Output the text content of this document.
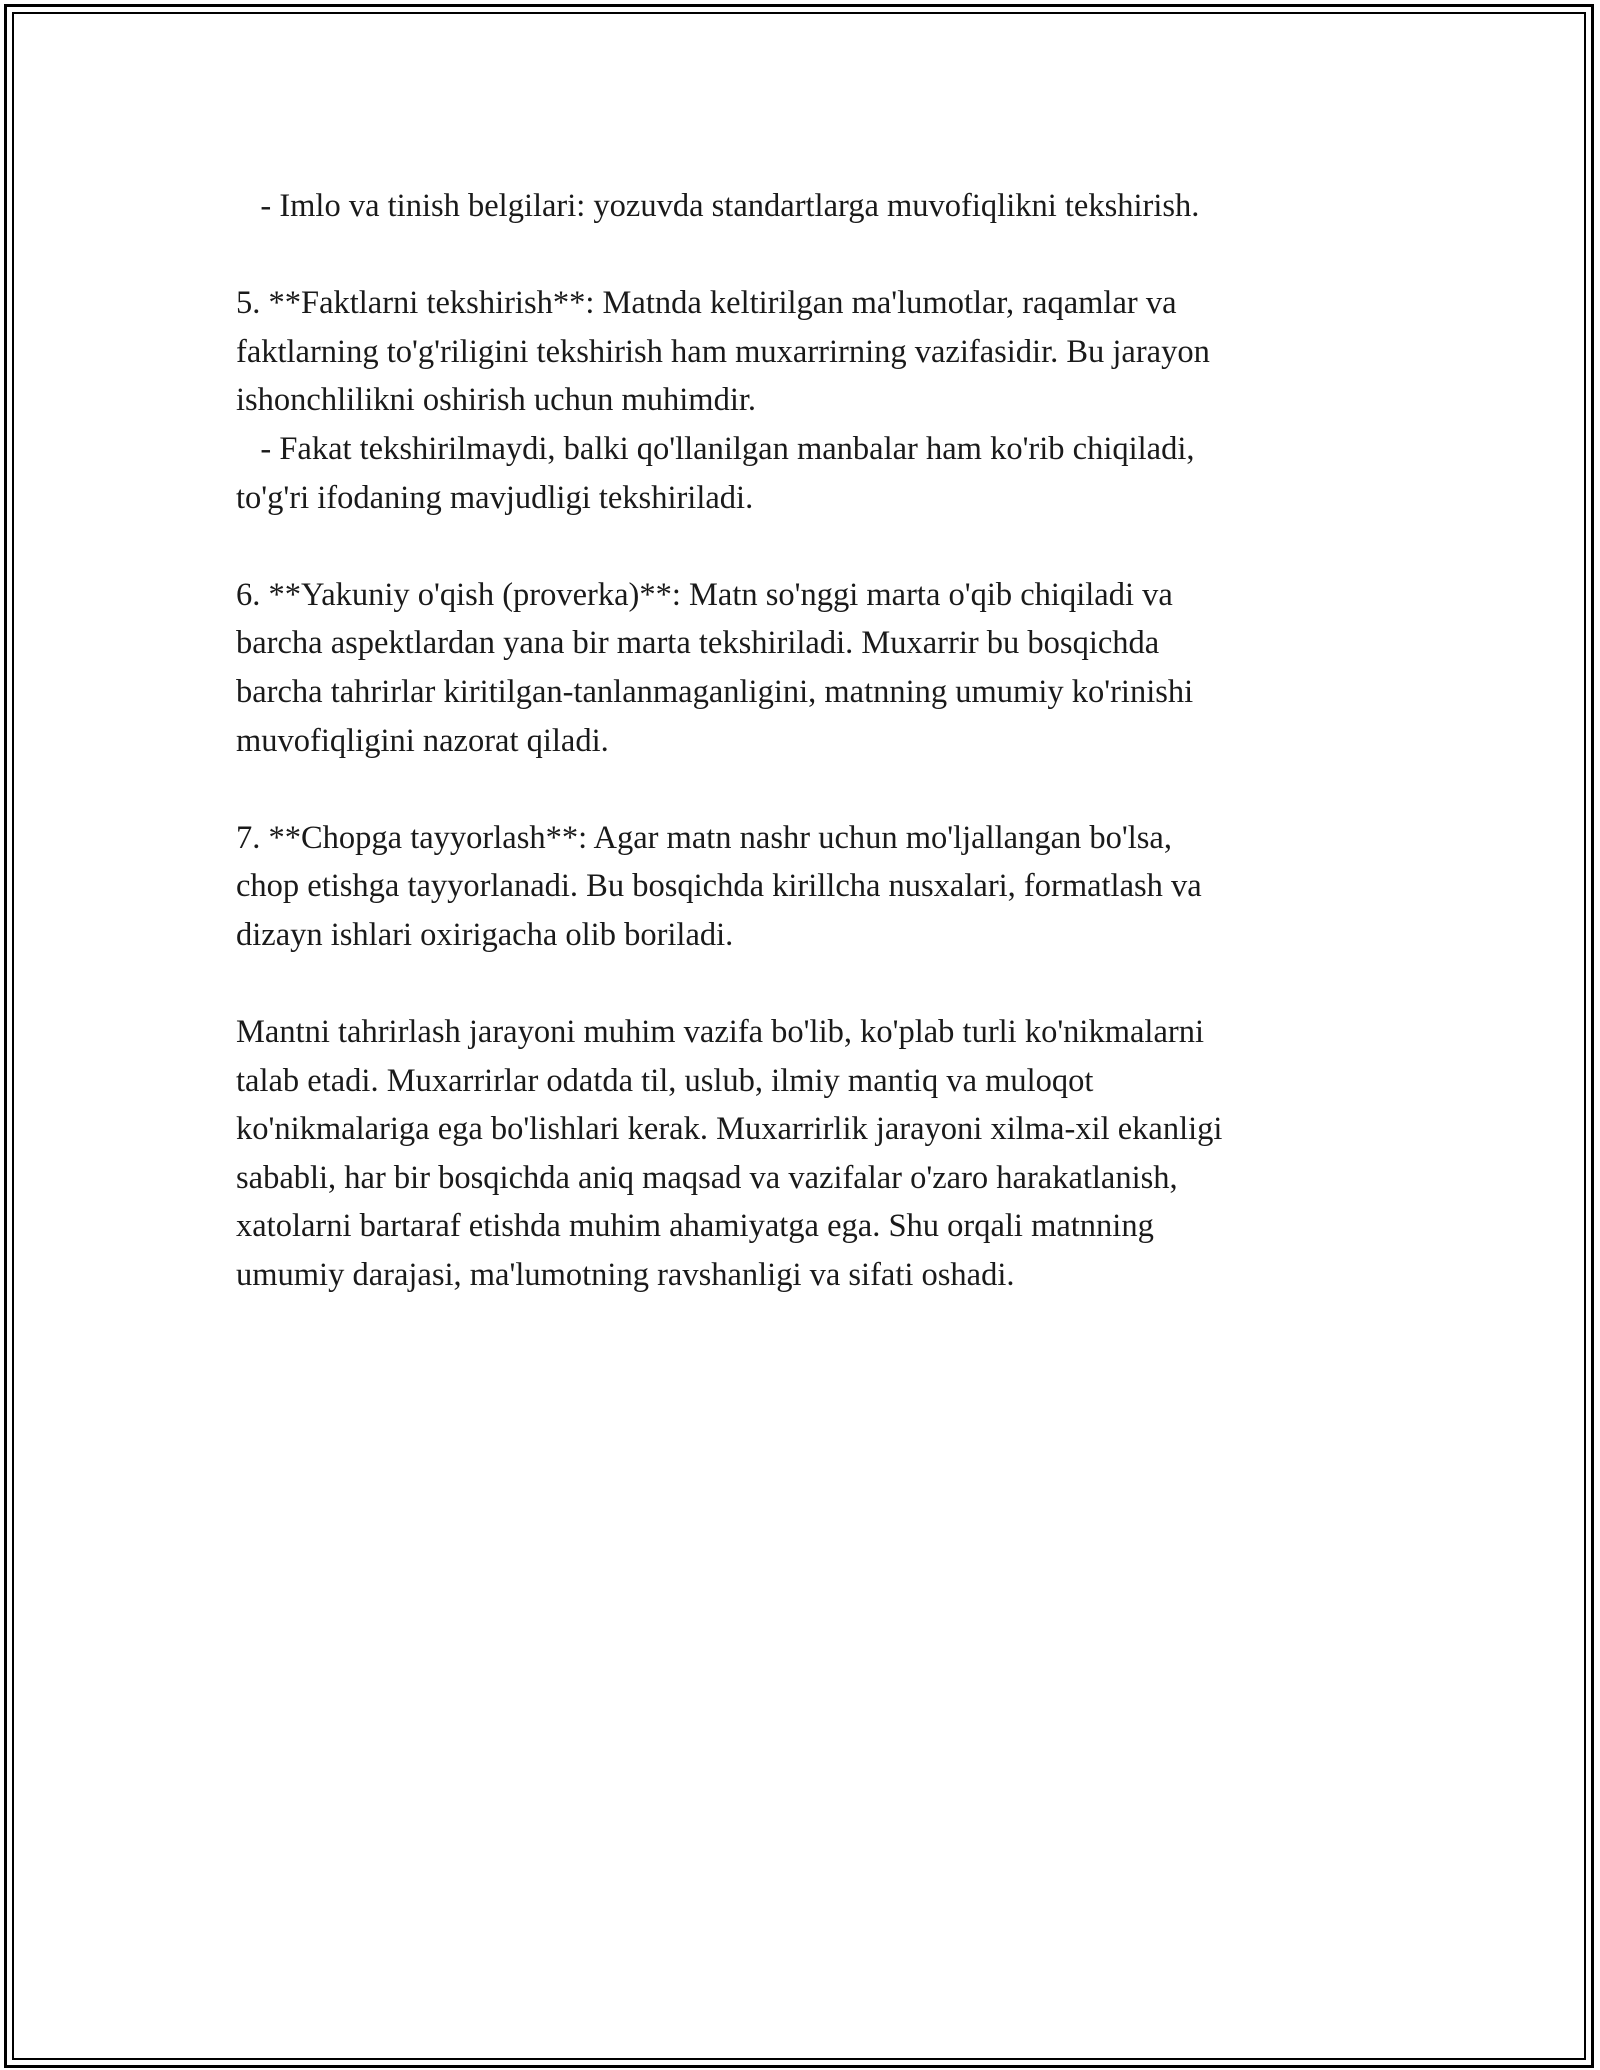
- Imlo va tinish belgilari: yozuvda standartlarga muvofiqlikni tekshirish.
5. **Faktlarni tekshirish**: Matnda keltirilgan ma'lumotlar, raqamlar va
faktlarning to'g'riligini tekshirish ham muxarrirning vazifasidir. Bu jarayon
ishonchlilikni oshirish uchun muhimdir.
- Fakat tekshirilmaydi, balki qo'llanilgan manbalar ham ko'rib chiqiladi,
to'g'ri ifodaning mavjudligi tekshiriladi.
6. **Yakuniy o'qish (proverka)**: Matn so'nggi marta o'qib chiqiladi va
barcha aspektlardan yana bir marta tekshiriladi. Muxarrir bu bosqichda
barcha tahrirlar kiritilgan-tanlanmaganligini, matnning umumiy ko'rinishi
muvofiqligini nazorat qiladi.
7. **Chopga tayyorlash**: Agar matn nashr uchun mo'ljallangan bo'lsa,
chop etishga tayyorlanadi. Bu bosqichda kirillcha nusxalari, formatlash va
dizayn ishlari oxirigacha olib boriladi.
Mantni tahrirlash jarayoni muhim vazifa bo'lib, ko'plab turli ko'nikmalarni
talab etadi. Muxarrirlar odatda til, uslub, ilmiy mantiq va muloqot
ko'nikmalariga ega bo'lishlari kerak. Muxarrirlik jarayoni xilma-xil ekanligi
sababli, har bir bosqichda aniq maqsad va vazifalar o'zaro harakatlanish,
xatolarni bartaraf etishda muhim ahamiyatga ega. Shu orqali matnning
umumiy darajasi, ma'lumotning ravshanligi va sifati oshadi.
